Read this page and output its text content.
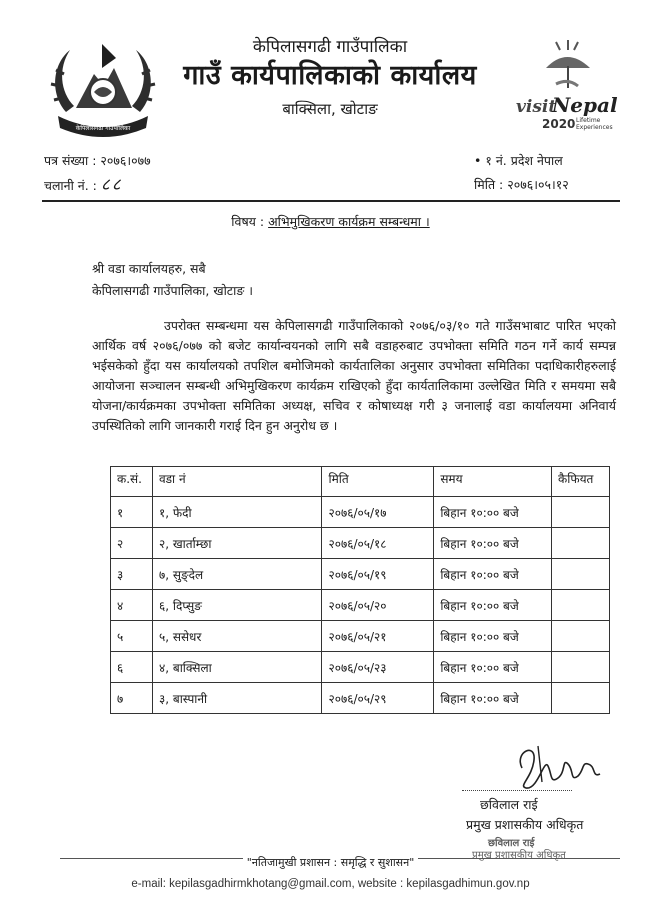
केपिलासगढी गाउँपालिका
केपिलासगढी गाउँपालिका
गाउँ कार्यपालिकाको कार्यालय
बाक्सिला, खोटाङ	visit
Nepal
2020 Lifetime
Experiences
पत्र संख्या : २०७६।०७७
चलानी नं. : ८८
• १ नं. प्रदेश नेपाल
मिति : २०७६।०५।१२
विषय : अभिमुखिकरण कार्यक्रम सम्बन्धमा ।
श्री वडा कार्यालयहरु, सबै
केपिलासगढी गाउँपालिका, खोटाङ ।
उपरोक्त सम्बन्धमा यस केपिलासगढी गाउँपालिकाको २०७६/०३/१० गते गाउँसभाबाट पारित भएको आर्थिक वर्ष २०७६/०७७ को बजेट कार्यान्वयनको लागि सबै वडाहरुबाट उपभोक्ता समिति गठन गर्ने कार्य सम्पन्न भईसकेको हुँदा यस कार्यालयको तपशिल बमोजिमको कार्यतालिका अनुसार उपभोक्ता समितिका पदाधिकारीहरुलाई आयोजना सञ्चालन सम्बन्धी अभिमुखिकरण कार्यक्रम राखिएको हुँदा कार्यतालिकामा उल्लेखित मिति र समयमा सबै योजना/कार्यक्रमका उपभोक्ता समितिका अध्यक्ष, सचिव र कोषाध्यक्ष गरी ३ जनालाई वडा कार्यालयमा अनिवार्य उपस्थितिको लागि जानकारी गराई दिन हुन अनुरोध छ ।
क.सं.	वडा नं	मिति	समय	कैफियत
१	१, फेदी	२०७६/०५/१७	बिहान १०:०० बजे	
२	२, खार्ताम्छा	२०७६/०५/१८	बिहान १०:०० बजे	
३	७, सुङ्देल	२०७६/०५/१९	बिहान १०:०० बजे	
४	६, दिप्सुङ	२०७६/०५/२०	बिहान १०:०० बजे	
५	५, ससेधर	२०७६/०५/२१	बिहान १०:०० बजे	
६	४, बाक्सिला	२०७६/०५/२३	बिहान १०:०० बजे	
७	३, बास्पानी	२०७६/०५/२९	बिहान १०:०० बजे	
छविलाल राई
प्रमुख प्रशासकीय अधिकृत
छविलाल राई
प्रमुख प्रशासकीय अधिकृत
"नतिजामुखी प्रशासन : समृद्धि र सुशासन"
e-mail: kepilasgadhirmkhotang@gmail.com, website : kepilasgadhimun.gov.np
